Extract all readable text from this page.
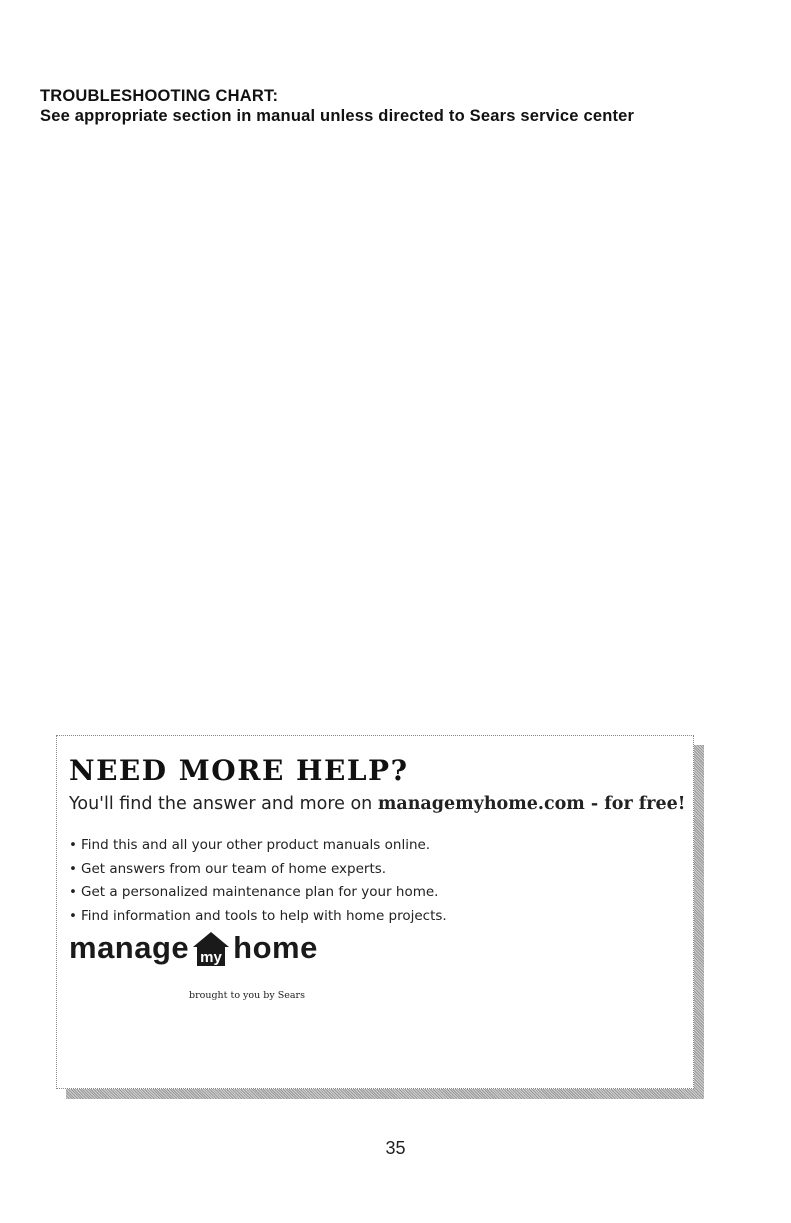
TROUBLESHOOTING CHART:
See appropriate section in manual unless directed to Sears service center
NEED MORE HELP?
You'll find the answer and more on managemyhome.com - for free!
• Find this and all your other product manuals online.
• Get answers from our team of home experts.
• Get a personalized maintenance plan for your home.
• Find information and tools to help with home projects.
manage my home
brought to you by Sears
35
